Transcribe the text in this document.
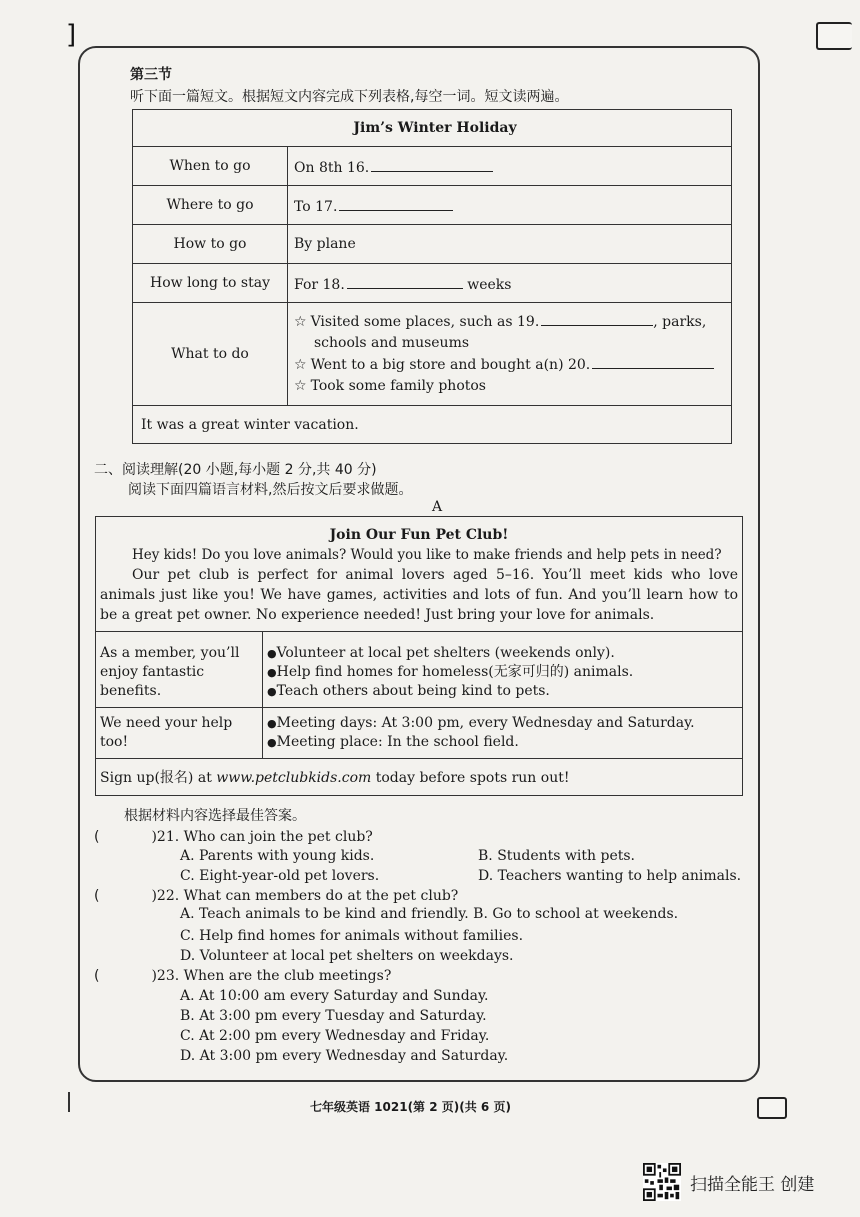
]
第三节
听下面一篇短文。根据短文内容完成下列表格,每空一词。短文读两遍。
Jim’s Winter Holiday	
When to go	On 8th 16.
Where to go	To 17.
How to go	By plane
How long to stay	For 18. weeks
What to do	☆ Visited some places, such as 19. , parks,
schools and museums
☆ Went to a big store and bought a(n) 20.
☆ Took some family photos

It was a great winter vacation.	
二、阅读理解(20 小题,每小题 2 分,共 40 分)
阅读下面四篇语言材料,然后按文后要求做题。
A
Join Our Fun Pet Club!
Hey kids! Do you love animals? Would you like to make friends and help pets in need?
Our pet club is perfect for animal lovers aged 5–16. You’ll meet kids who love animals just like you! We have games, activities and lots of fun. And you’ll learn how to be a great pet owner. No experience needed! Just bring your love for animals.	

As a member, you’ll enjoy fantastic benefits.	●Volunteer at local pet shelters (weekends only).
●Help find homes for homeless(无家可归的) animals.
●Teach others about being kind to pets.

We need your help too!	●Meeting days: At 3:00 pm, every Wednesday and Saturday.
●Meeting place: In the school field.

Sign up(报名) at www.petclubkids.com today before spots run out!	
根据材料内容选择最佳答案。
(	)21. Who can join the pet club?
A. Parents with young kids.	B. Students with pets.
C. Eight-year-old pet lovers.	D. Teachers wanting to help animals.
(	)22. What can members do at the pet club?
A. Teach animals to be kind and friendly. B. Go to school at weekends.
C. Help find homes for animals without families.
D. Volunteer at local pet shelters on weekdays.
(	)23. When are the club meetings?
A. At 10:00 am every Saturday and Sunday.
B. At 3:00 pm every Tuesday and Saturday.
C. At 2:00 pm every Wednesday and Friday.
D. At 3:00 pm every Wednesday and Saturday.
七年级英语 1021(第 2 页)(共 6 页)
扫描全能王 创建
